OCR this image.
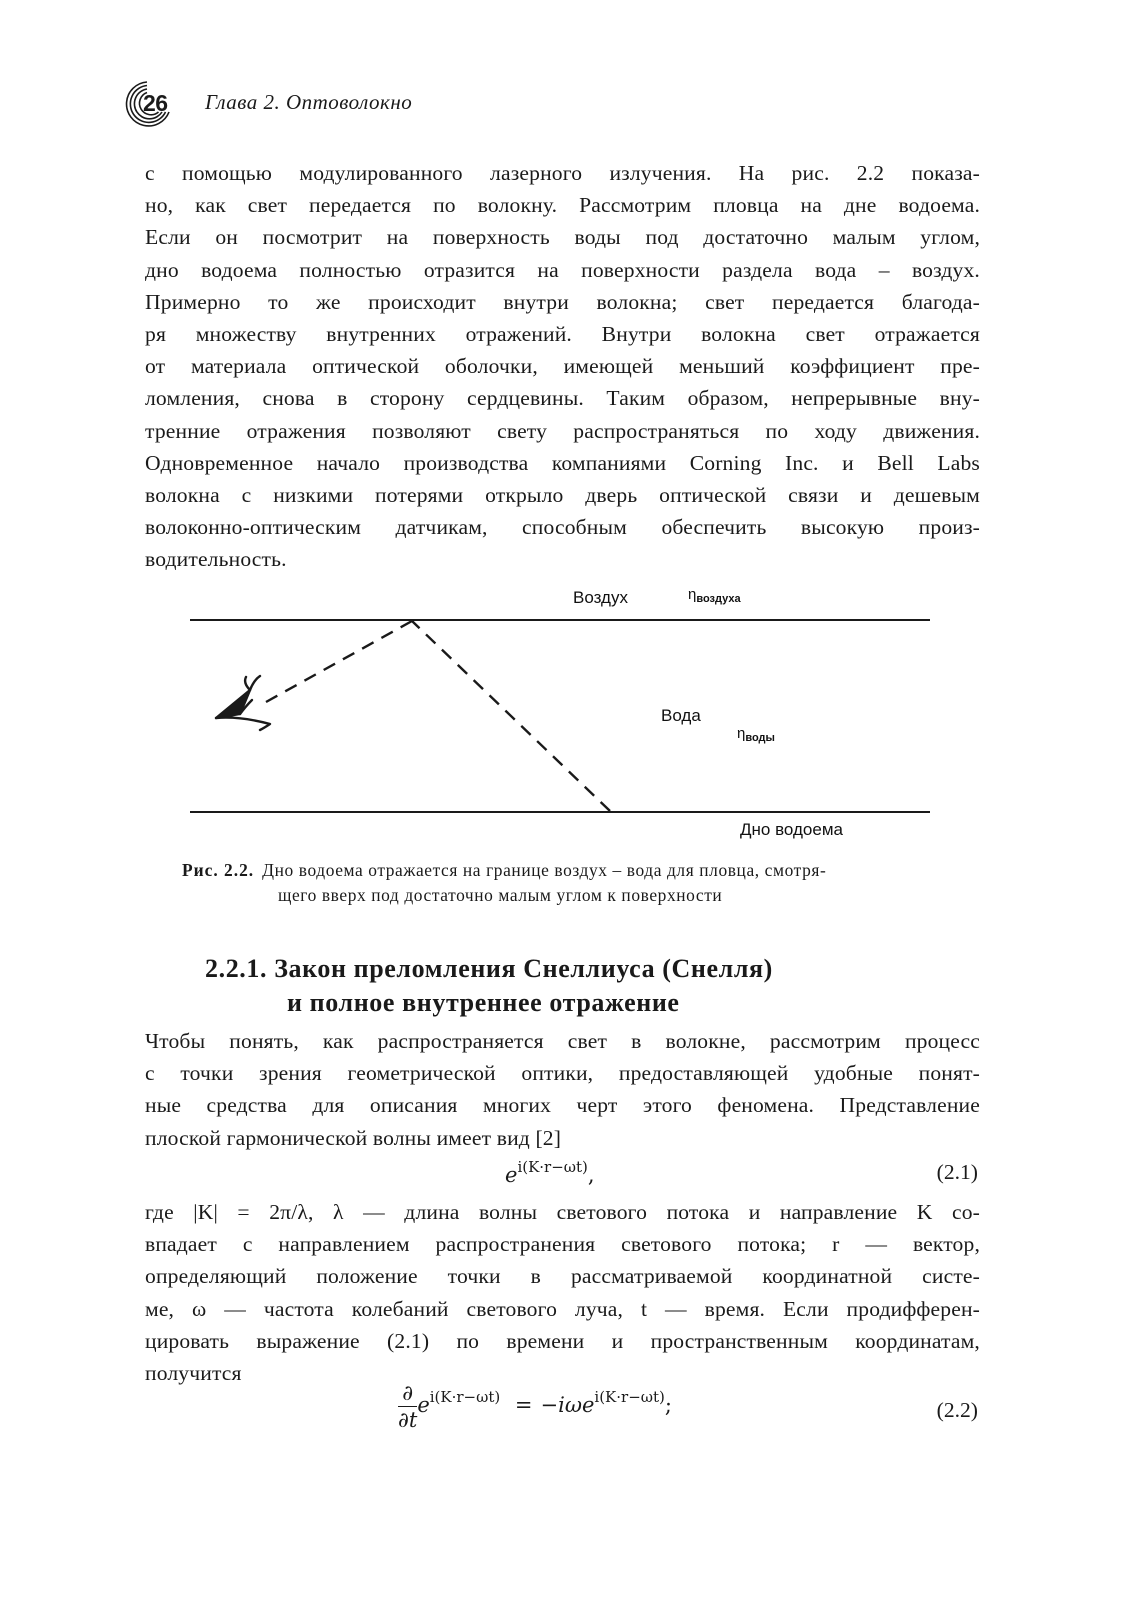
26 Глава 2. Оптоволокно
с помощью модулированного лазерного излучения. На рис. 2.2 показа-
но, как свет передается по волокну. Рассмотрим пловца на дне водоема.
Если он посмотрит на поверхность воды под достаточно малым углом,
дно водоема полностью отразится на поверхности раздела вода – воздух.
Примерно то же происходит внутри волокна; свет передается благода-
ря множеству внутренних отражений. Внутри волокна свет отражается
от материала оптической оболочки, имеющей меньший коэффициент пре-
ломления, снова в сторону сердцевины. Таким образом, непрерывные вну-
тренние отражения позволяют свету распространяться по ходу движения.
Одновременное начало производства компаниями Corning Inc. и Bell Labs
волокна с низкими потерями открыло дверь оптической связи и дешевым
волоконно-оптическим датчикам, способным обеспечить высокую произ-
водительность.
Воздух	$\eta_{воздуха}$
Вода
$\eta_{воды}$
Дно водоема
Рис. 2.2. Дно водоема отражается на границе воздух – вода для пловца, смотря-
щего вверх под достаточно малым углом к поверхности
2.2.1. Закон преломления Снеллиуса (Снелля)
и полное внутреннее отражение
Чтобы понять, как распространяется свет в волокне, рассмотрим процесс
с точки зрения геометрической оптики, предоставляющей удобные понят-
ные средства для описания многих черт этого феномена. Представление
плоской гармонической волны имеет вид [2]
$e^{i(K\cdot r-\omega t)}$,	(2.1)
где |K| = 2π/λ, λ — длина волны светового потока и направление K со-
впадает с направлением распространения светового потока; r — вектор,
определяющий положение точки в рассматриваемой координатной систе-
ме, ω — частота колебаний светового луча, t — время. Если продифферен-
цировать выражение (2.1) по времени и пространственным координатам,
получится
$\frac{\partial}{\partial t} e^{i(K\cdot r-\omega t)} = -i\omega e^{i(K\cdot r-\omega t)}$;	(2.2)
